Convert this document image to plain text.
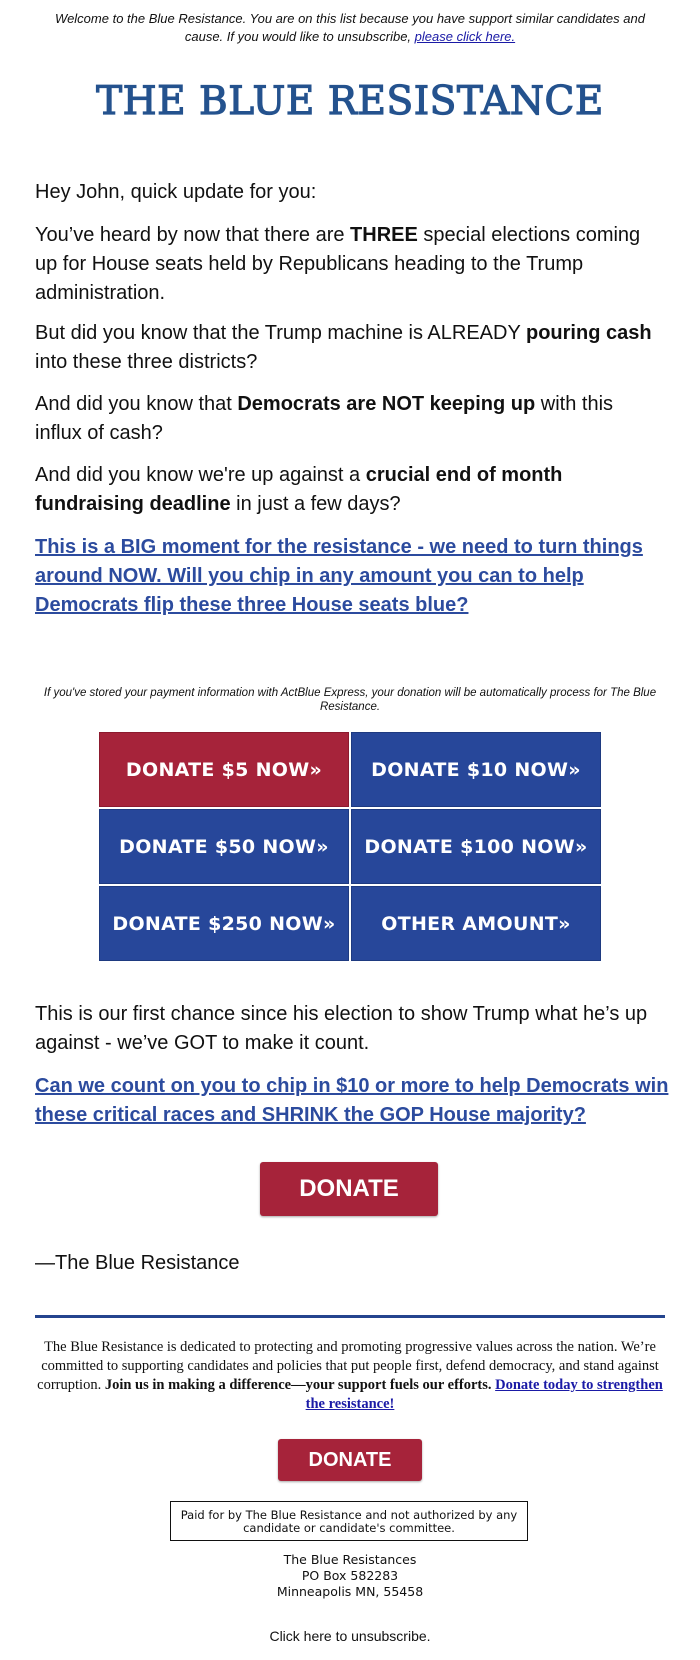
Welcome to the Blue Resistance. You are on this list because you have support similar candidates and cause. If you would like to unsubscribe, please click here.
THE BLUE RESISTANCE
Hey John, quick update for you:
You’ve heard by now that there are THREE special elections coming up for House seats held by Republicans heading to the Trump administration.
But did you know that the Trump machine is ALREADY pouring cash into these three districts?
And did you know that Democrats are NOT keeping up with this influx of cash?
And did you know we're up against a crucial end of month fundraising deadline in just a few days?
This is a BIG moment for the resistance - we need to turn things around NOW. Will you chip in any amount you can to help Democrats flip these three House seats blue?
If you've stored your payment information with ActBlue Express, your donation will be automatically process for The Blue Resistance.
DONATE $5 NOW»	DONATE $10 NOW»
DONATE $50 NOW»	DONATE $100 NOW»
DONATE $250 NOW»	OTHER AMOUNT»
This is our first chance since his election to show Trump what he’s up against - we’ve GOT to make it count.
Can we count on you to chip in $10 or more to help Democrats win these critical races and SHRINK the GOP House majority?
DONATE
—The Blue Resistance
The Blue Resistance is dedicated to protecting and promoting progressive values across the nation. We’re committed to supporting candidates and policies that put people first, defend democracy, and stand against corruption. Join us in making a difference—your support fuels our efforts. Donate today to strengthen the resistance!
DONATE
Paid for by The Blue Resistance and not authorized by any candidate or candidate's committee.
The Blue Resistances
PO Box 582283
Minneapolis MN, 55458
Click here to unsubscribe.
